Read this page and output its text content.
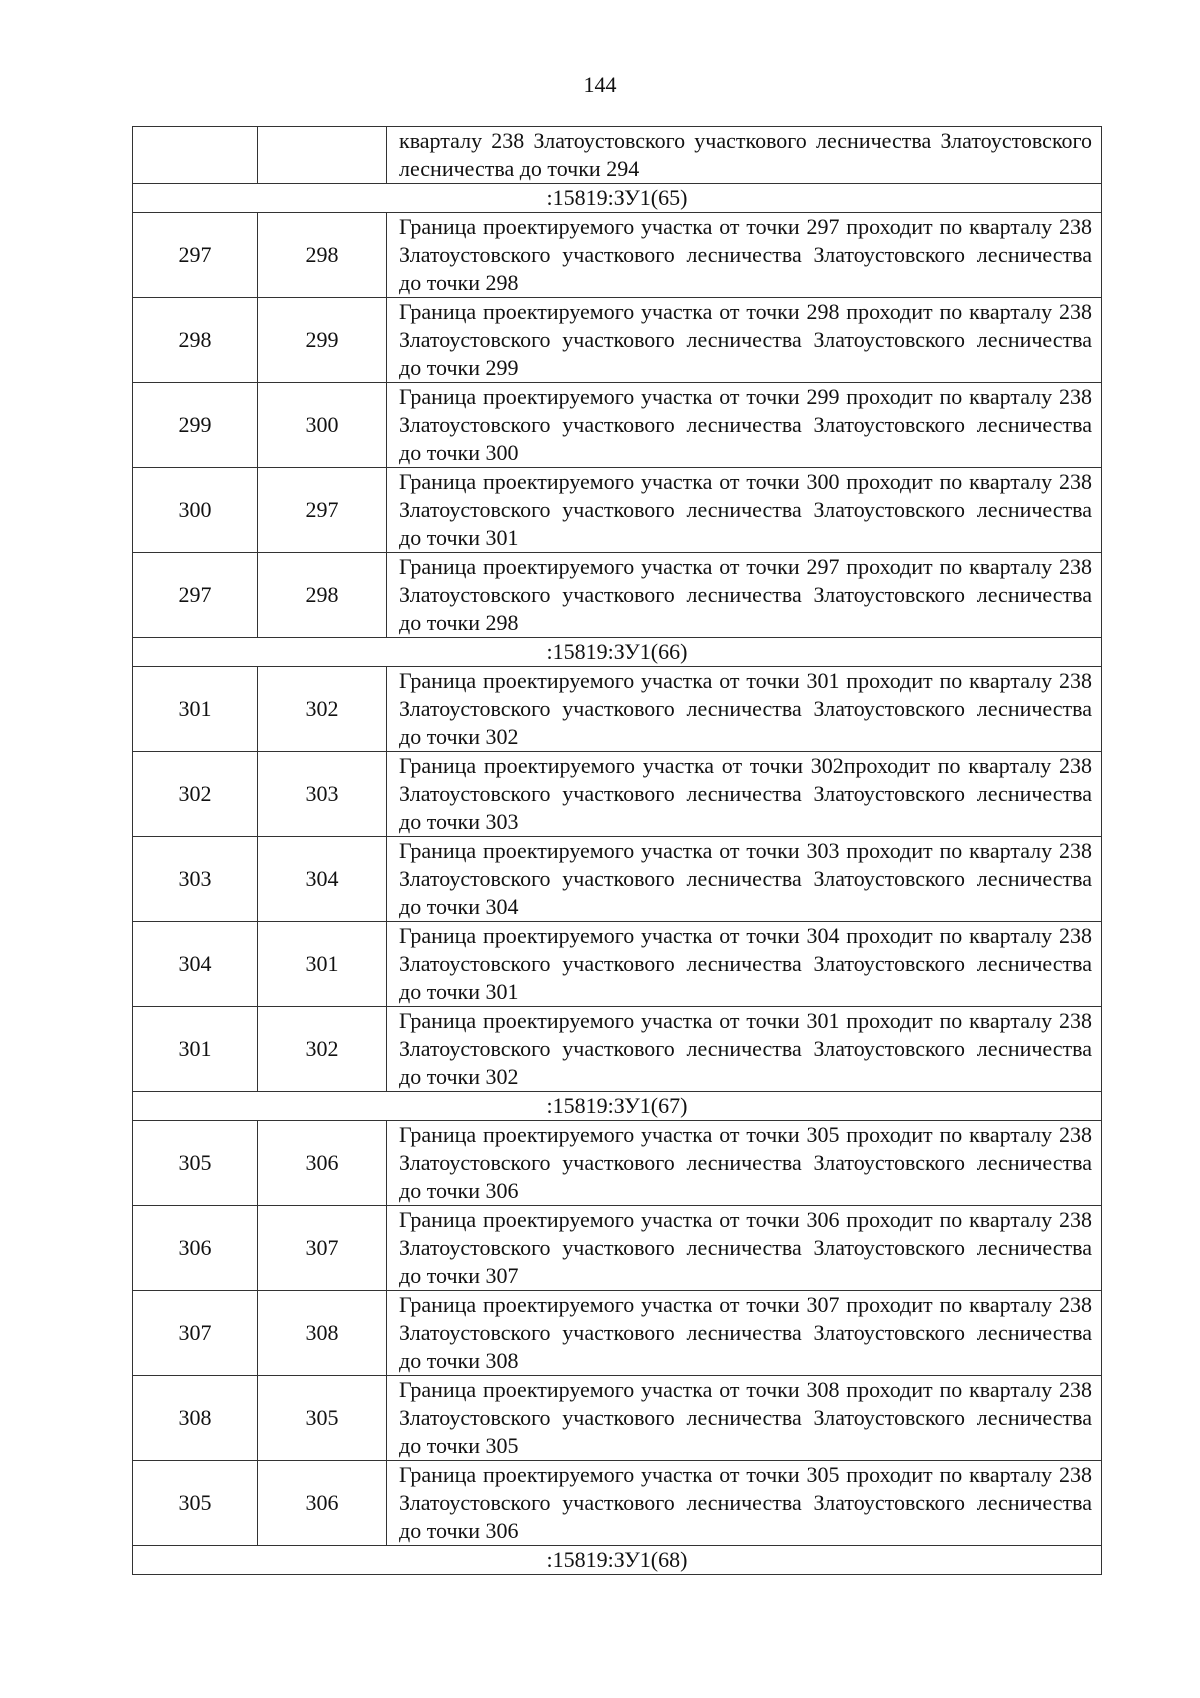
144
		кварталу 238 Златоустовского участкового лесничества Златоустовского лесничества до точки 294
:15819:ЗУ1(65)		
297	298	Граница проектируемого участка от точки 297 проходит по кварталу 238 Златоустовского участкового лесничества Златоустовского лесничества до точки 298
298	299	Граница проектируемого участка от точки 298 проходит по кварталу 238 Златоустовского участкового лесничества Златоустовского лесничества до точки 299
299	300	Граница проектируемого участка от точки 299 проходит по кварталу 238 Златоустовского участкового лесничества Златоустовского лесничества до точки 300
300	297	Граница проектируемого участка от точки 300 проходит по кварталу 238 Златоустовского участкового лесничества Златоустовского лесничества до точки 301
297	298	Граница проектируемого участка от точки 297 проходит по кварталу 238 Златоустовского участкового лесничества Златоустовского лесничества до точки 298
:15819:ЗУ1(66)		
301	302	Граница проектируемого участка от точки 301 проходит по кварталу 238 Златоустовского участкового лесничества Златоустовского лесничества до точки 302
302	303	Граница проектируемого участка от точки 302проходит по кварталу 238 Златоустовского участкового лесничества Златоустовского лесничества до точки 303
303	304	Граница проектируемого участка от точки 303 проходит по кварталу 238 Златоустовского участкового лесничества Златоустовского лесничества до точки 304
304	301	Граница проектируемого участка от точки 304 проходит по кварталу 238 Златоустовского участкового лесничества Златоустовского лесничества до точки 301
301	302	Граница проектируемого участка от точки 301 проходит по кварталу 238 Златоустовского участкового лесничества Златоустовского лесничества до точки 302
:15819:ЗУ1(67)		
305	306	Граница проектируемого участка от точки 305 проходит по кварталу 238 Златоустовского участкового лесничества Златоустовского лесничества до точки 306
306	307	Граница проектируемого участка от точки 306 проходит по кварталу 238 Златоустовского участкового лесничества Златоустовского лесничества до точки 307
307	308	Граница проектируемого участка от точки 307 проходит по кварталу 238 Златоустовского участкового лесничества Златоустовского лесничества до точки 308
308	305	Граница проектируемого участка от точки 308 проходит по кварталу 238 Златоустовского участкового лесничества Златоустовского лесничества до точки 305
305	306	Граница проектируемого участка от точки 305 проходит по кварталу 238 Златоустовского участкового лесничества Златоустовского лесничества до точки 306
:15819:ЗУ1(68)		
